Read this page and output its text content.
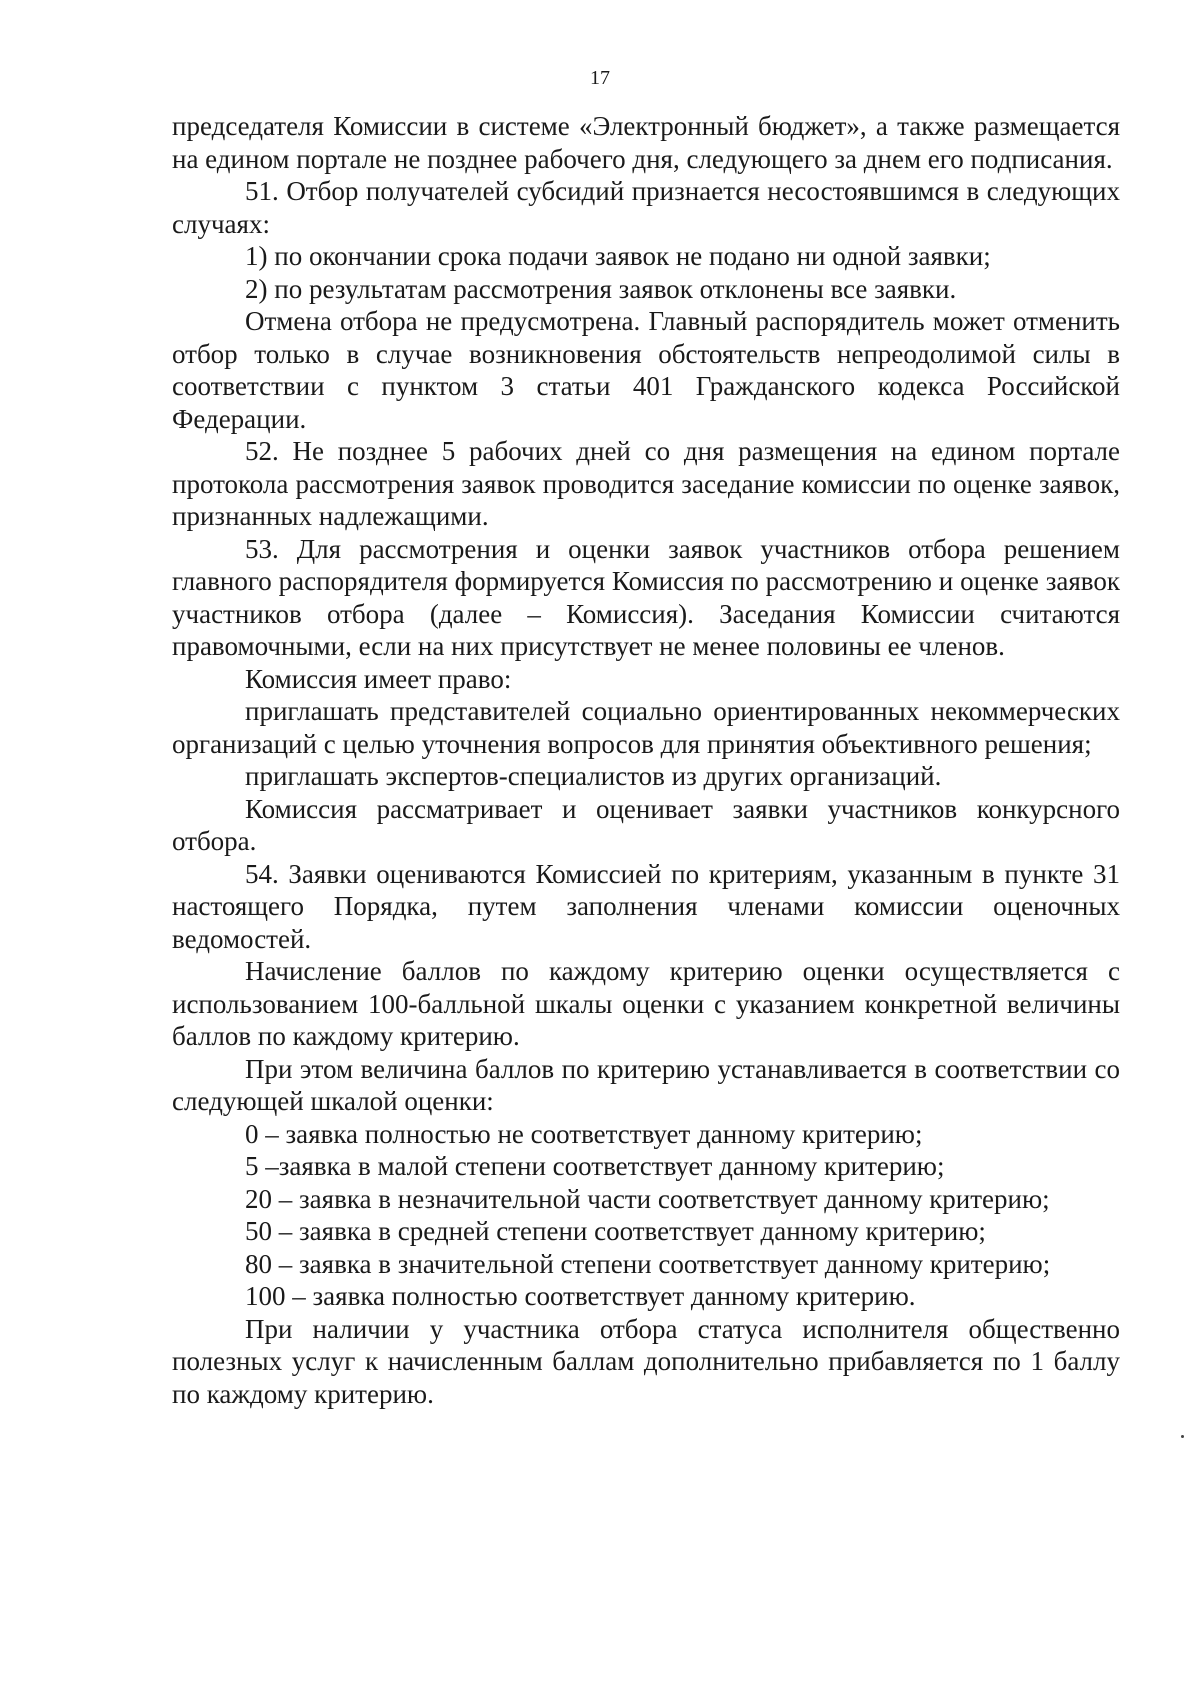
17

председателя Комиссии в системе «Электронный бюджет», а также размещается на едином портале не позднее рабочего дня, следующего за днем его подписания.

51. Отбор получателей субсидий признается несостоявшимся в следующих случаях:

1) по окончании срока подачи заявок не подано ни одной заявки;

2) по результатам рассмотрения заявок отклонены все заявки.

Отмена отбора не предусмотрена. Главный распорядитель может отменить отбор только в случае возникновения обстоятельств непреодолимой силы в соответствии с пунктом 3 статьи 401 Гражданского кодекса Российской Федерации.

52. Не позднее 5 рабочих дней со дня размещения на едином портале протокола рассмотрения заявок проводится заседание комиссии по оценке заявок, признанных надлежащими.

53. Для рассмотрения и оценки заявок участников отбора решением главного распорядителя формируется Комиссия по рассмотрению и оценке заявок участников отбора (далее – Комиссия). Заседания Комиссии считаются правомочными, если на них присутствует не менее половины ее членов.

Комиссия имеет право:

приглашать представителей социально ориентированных некоммерческих организаций с целью уточнения вопросов для принятия объективного решения;

приглашать экспертов-специалистов из других организаций.

Комиссия рассматривает и оценивает заявки участников конкурсного отбора.

54. Заявки оцениваются Комиссией по критериям, указанным в пункте 31 настоящего Порядка, путем заполнения членами комиссии оценочных ведомостей.

Начисление баллов по каждому критерию оценки осуществляется с использованием 100-балльной шкалы оценки с указанием конкретной величины баллов по каждому критерию.

При этом величина баллов по критерию устанавливается в соответствии со следующей шкалой оценки:

0 – заявка полностью не соответствует данному критерию;

5 –заявка в малой степени соответствует данному критерию;

20 – заявка в незначительной части соответствует данному критерию;

50 – заявка в средней степени соответствует данному критерию;

80 – заявка в значительной степени соответствует данному критерию;

100 – заявка полностью соответствует данному критерию.

При наличии у участника отбора статуса исполнителя общественно полезных услуг к начисленным баллам дополнительно прибавляется по 1 баллу по каждому критерию.
